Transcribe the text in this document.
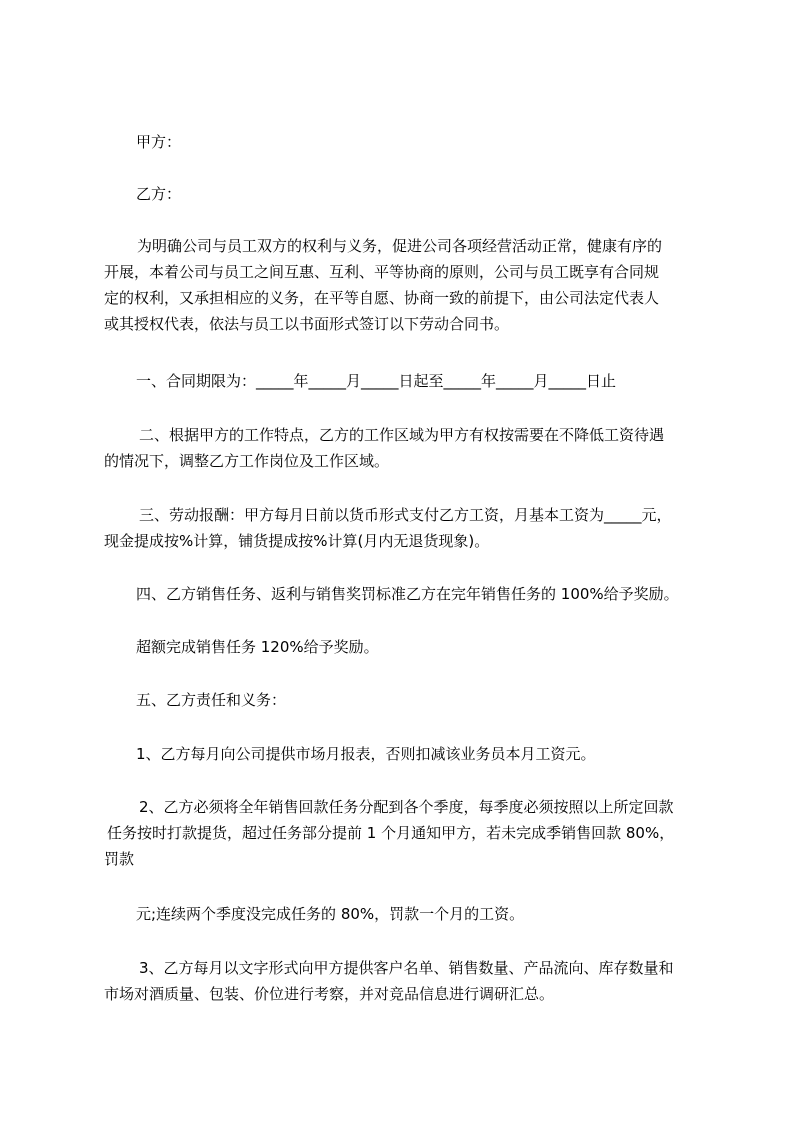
甲方：

乙方：

为明确公司与员工双方的权利与义务，促进公司各项经营活动正常，健康有序的
开展，本着公司与员工之间互惠、互利、平等协商的原则，公司与员工既享有合同规
定的权利，又承担相应的义务，在平等自愿、协商一致的前提下，由公司法定代表人
或其授权代表，依法与员工以书面形式签订以下劳动合同书。

一、合同期限为：_____年_____月_____日起至_____年_____月_____日止

二、根据甲方的工作特点，乙方的工作区域为甲方有权按需要在不降低工资待遇
的情况下，调整乙方工作岗位及工作区域。
三、劳动报酬：甲方每月日前以货币形式支付乙方工资，月基本工资为_____元，
现金提成按%计算，铺货提成按%计算(月内无退货现象)。

四、乙方销售任务、返利与销售奖罚标准乙方在完年销售任务的 100%给予奖励。

超额完成销售任务 120%给予奖励。

五、乙方责任和义务：

1、乙方每月向公司提供市场月报表，否则扣减该业务员本月工资元。

2、乙方必须将全年销售回款任务分配到各个季度，每季度必须按照以上所定回款
任务按时打款提货，超过任务部分提前 1 个月通知甲方，若未完成季销售回款 80%，
罚款

元;连续两个季度没完成任务的 80%，罚款一个月的工资。

3、乙方每月以文字形式向甲方提供客户名单、销售数量、产品流向、库存数量和
市场对酒质量、包装、价位进行考察，并对竞品信息进行调研汇总。
